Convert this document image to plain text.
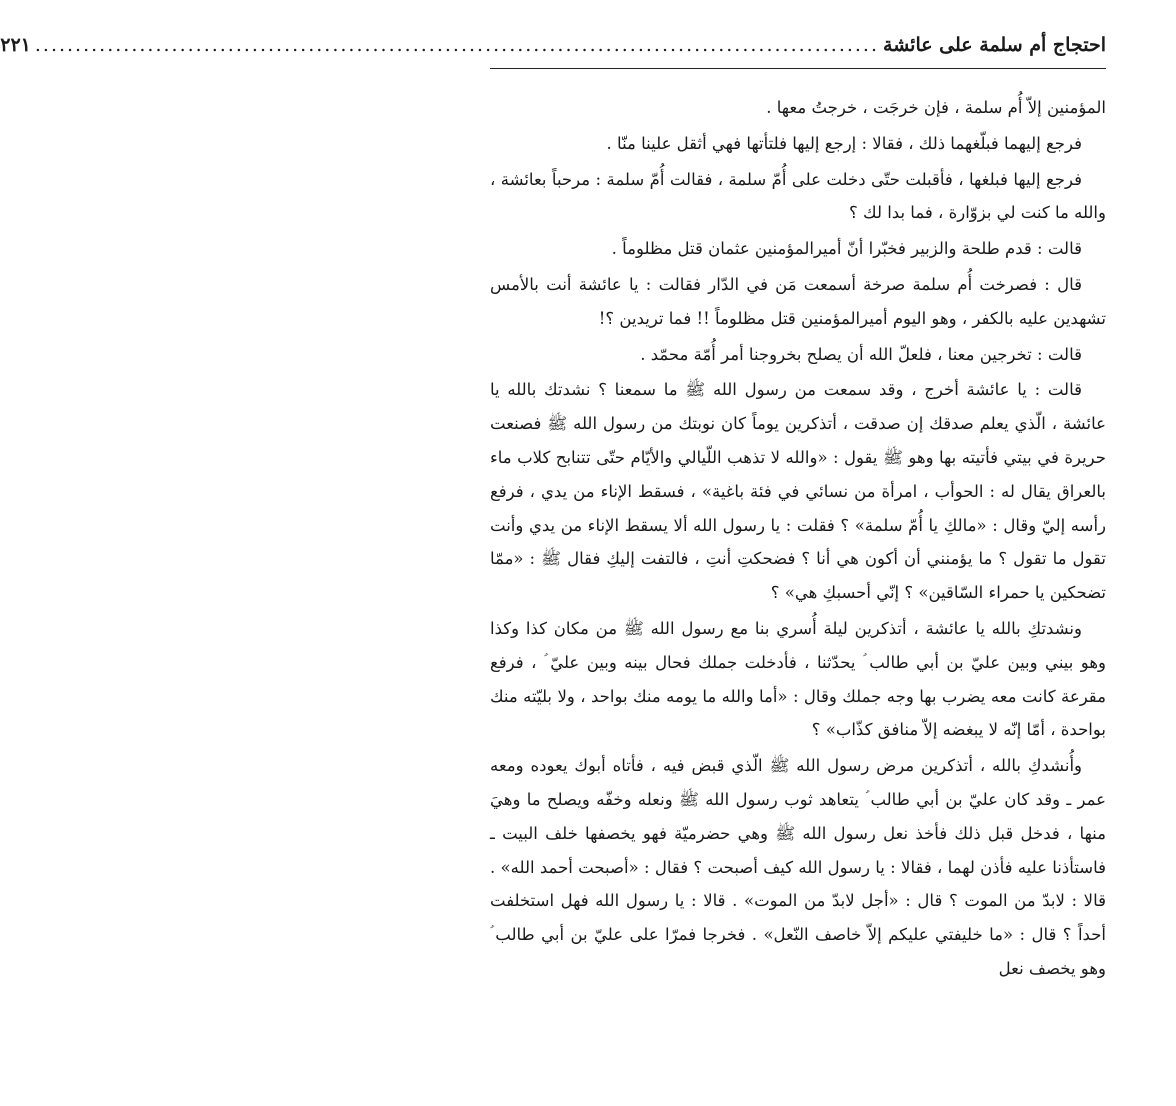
احتجاج أم سلمة على عائشة
.........................................................................................................
٢٢١

المؤمنين إلاّ أُم سلمة ، فإن خرجَت ، خرجتُ معها .

فرجع إليهما فبلّغهما ذلك ، فقالا : إرجع إليها فلتأتها فهي أثقل علينا منّا .

فرجع إليها فبلغها ، فأقبلت حتّى دخلت على أُمّ سلمة ، فقالت أُمّ سلمة : مرحباً بعائشة ، والله ما كنت لي بزوّارة ، فما بدا لك ؟

قالت : قدم طلحة والزبير فخبّرا أنّ أميرالمؤمنين عثمان قتل مظلوماً .

قال : فصرخت أُم سلمة صرخة أسمعت مَن في الدّار فقالت : يا عائشة أنت بالأمس تشهدين عليه بالكفر ، وهو اليوم أميرالمؤمنين قتل مظلوماً !! فما تريدين ؟!

قالت : تخرجين معنا ، فلعلّ الله أن يصلح بخروجنا أمر أُمّة محمّد .

قالت : يا عائشة أخرج ، وقد سمعت من رسول الله ﷺ ما سمعنا ؟ نشدتك بالله يا عائشة ، الّذي يعلم صدقك إن صدقت ، أتذكرين يوماً كان نوبتك من رسول الله ﷺ فصنعت حريرة في بيتي فأتيته بها وهو ﷺ يقول : «والله لا تذهب اللّيالي والأيّام حتّى تتنابح كلاب ماء بالعراق يقال له : الحوأب ، امرأة من نسائي في فئة باغية» ، فسقط الإناء من يدي ، فرفع رأسه إليّ وقال : «مالكِ يا أُمّ سلمة» ؟ فقلت : يا رسول الله ألا يسقط الإناء من يدي وأنت تقول ما تقول ؟ ما يؤمنني أن أكون هي أنا ؟ فضحكتِ أنتِ ، فالتفت إليكِ فقال ﷺ : «ممّا تضحكين يا حمراء السّاقين» ؟ إنّي أحسبكِ هي» ؟

ونشدتكِ بالله يا عائشة ، أتذكرين ليلة أُسري بنا مع رسول الله ﷺ من مكان كذا وكذا وهو بيني وبين عليّ بن أبي طالب ؑ يحدّثنا ، فأدخلت جملك فحال بينه وبين عليّ ؑ ، فرفع مقرعة كانت معه يضرب بها وجه جملك وقال : «أما والله ما يومه منك بواحد ، ولا بليّته منك بواحدة ، أمّا إنّه لا يبغضه إلاّ منافق كذّاب» ؟

وأُنشدكِ بالله ، أتذكرين مرض رسول الله ﷺ الّذي قبض فيه ، فأتاه أبوك يعوده ومعه عمر ـ وقد كان عليّ بن أبي طالب ؑ يتعاهد ثوب رسول الله ﷺ ونعله وخفّه ويصلح ما وهيَ منها ، فدخل قبل ذلك فأخذ نعل رسول الله ﷺ وهي حضرميّة فهو يخصفها خلف البيت ـ فاستأذنا عليه فأذن لهما ، فقالا : يا رسول الله كيف أصبحت ؟ فقال : «أصبحت أحمد الله» . قالا : لابدّ من الموت ؟ قال : «أجل لابدّ من الموت» . قالا : يا رسول الله فهل استخلفت أحداً ؟ قال : «ما خليفتي عليكم إلاّ خاصف النّعل» . فخرجا فمرّا على عليّ بن أبي طالب ؑ وهو يخصف نعل
